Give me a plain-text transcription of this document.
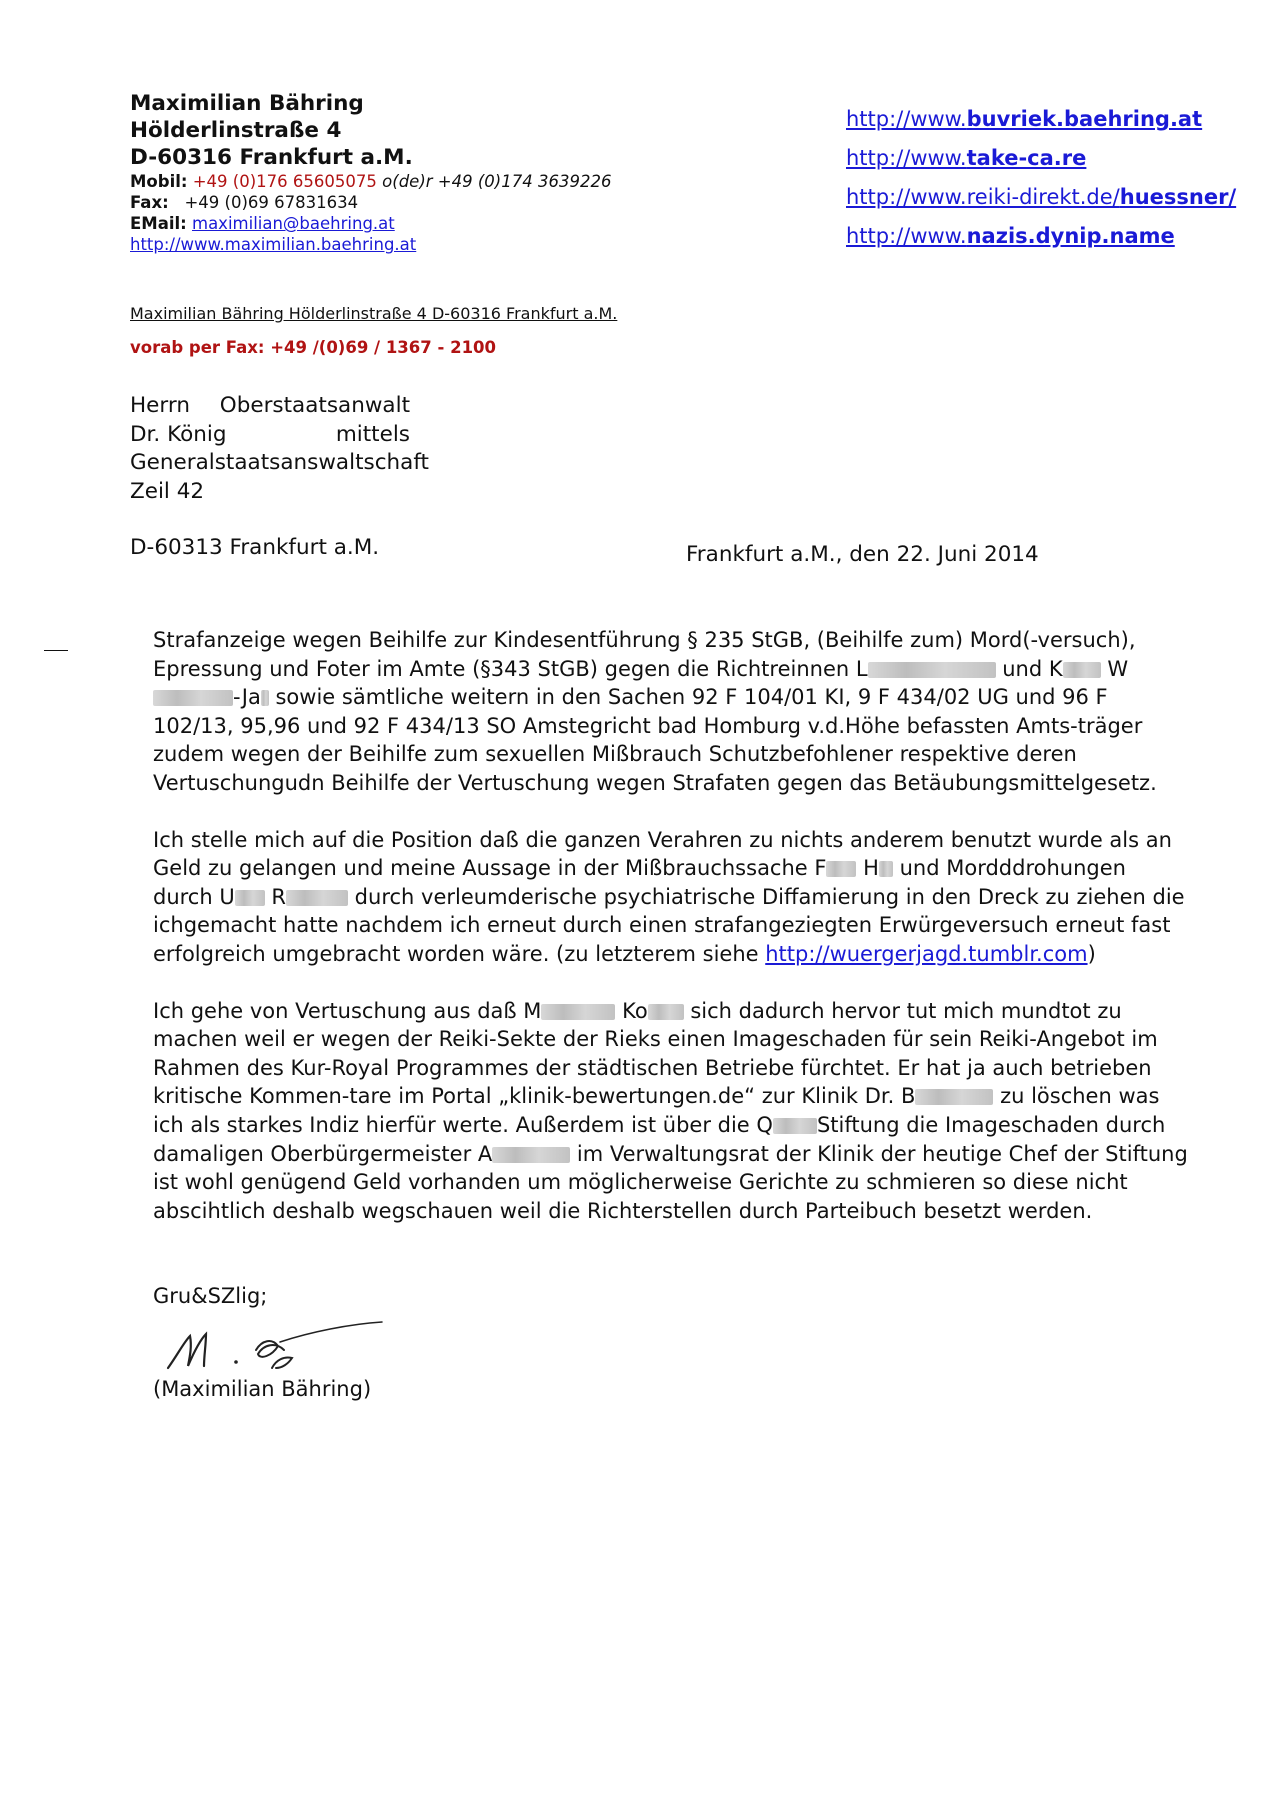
Maximilian Bähring
Hölderlinstraße 4
D-60316 Frankfurt a.M.
Mobil: +49 (0)176 65605075 o(de)r +49 (0)174 3639226
Fax: +49 (0)69 67831634
EMail: maximilian@baehring.at
http://www.maximilian.baehring.at
http://www.buvriek.baehring.at
http://www.take-ca.re
http://www.reiki-direkt.de/huessner/
http://www.nazis.dynip.name
Maximilian Bähring Hölderlinstraße 4 D-60316 Frankfurt a.M.
vorab per Fax: +49 /(0)69 / 1367 - 2100
Herrn Oberstaatsanwalt
Dr. König	mittels
Generalstaatsanswaltschaft
Zeil 42
D-60313 Frankfurt a.M.	Frankfurt a.M., den 22. Juni 2014

Strafanzeige wegen Beihilfe zur Kindesentführung § 235 StGB, (Beihilfe zum) Mord(-versuch), Epressung und Foter im Amte (§343 StGB) gegen die Richtreinnen L	und K W-Ja sowie sämtliche weitern in den Sachen 92 F 104/01 KI, 9 F 434/02 UG und 96 F 102/13, 95,96 und 92 F 434/13 SO Amstegricht bad Homburg v.d.Höhe befassten Amts-träger zudem wegen der Beihilfe zum sexuellen Mißbrauch Schutzbefohlener respektive deren Vertuschungudn Beihilfe der Vertuschung wegen Strafaten gegen das Betäubungsmittelgesetz.

Ich stelle mich auf die Position daß die ganzen Verahren zu nichts anderem benutzt wurde als an Geld zu gelangen und meine Aussage in der Mißbrauchssache F H und Mordddrohungen durch U R	durch verleumderische psychiatrische Diffamierung in den Dreck zu ziehen die ichgemacht hatte nachdem ich erneut durch einen strafangeziegten Erwürgeversuch erneut fast erfolgreich umgebracht worden wäre. (zu letzterem siehe http://wuergerjagd.tumblr.com)

Ich gehe von Vertuschung aus daß M	Ko sich dadurch hervor tut mich mundtot zu machen weil er wegen der Reiki-Sekte der Rieks einen Imageschaden für sein Reiki-Angebot im Rahmen des Kur-Royal Programmes der städtischen Betriebe fürchtet. Er hat ja auch betrieben kritische Kommen-tare im Portal „klinik-bewertungen.de“ zur Klinik Dr. B	zu löschen was ich als starkes Indiz hierfür werte. Außerdem ist über die Q Stiftung die Imageschaden durch damaligen Oberbürgermeister A	im Verwaltungsrat der Klinik der heutige Chef der Stiftung ist wohl genügend Geld vorhanden um möglicherweise Gerichte zu schmieren so diese nicht abscihtlich deshalb wegschauen weil die Richterstellen durch Parteibuch besetzt werden.

Gru&SZlig;
(Maximilian Bähring)
